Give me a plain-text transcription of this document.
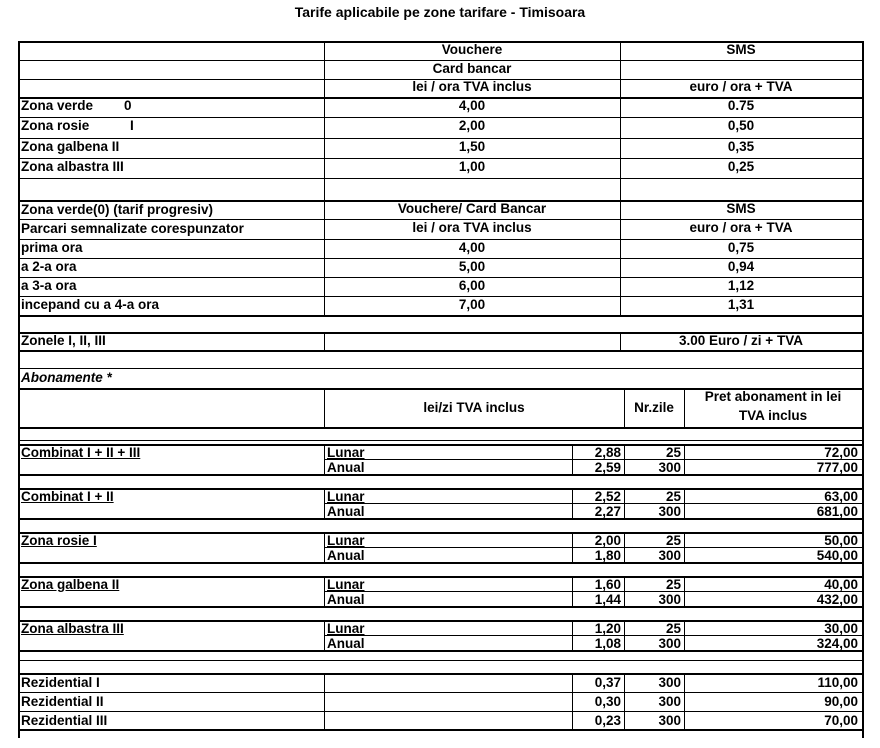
Tarife aplicabile pe zone tarifare - Timisoara
Vouchere	SMS
Card bancar
lei / ora TVA inclus	euro / ora + TVA
Zona verde	0	4,00	0.75
Zona rosie	I	2,00	0,50
Zona galbena II	1,50	0,35
Zona albastra III	1,00	0,25
Zona verde(0) (tarif progresiv)
Parcari semnalizate corespunzator
Vouchere/ Card Bancar	SMS
lei / ora TVA inclus	euro / ora + TVA
prima ora	4,00	0,75
a 2-a ora	5,00	0,94
a 3-a ora	6,00	1,12
incepand cu a 4-a ora	7,00	1,31
Zonele I, II, III	3.00 Euro / zi + TVA
Abonamente *
lei/zi TVA inclus	Nr.zile
Pret abonament in lei
TVA inclus
Combinat I + II + III	Lunar	2,88	25	72,00
Anual	2,59	300	777,00
Combinat I + II	Lunar	2,52	25	63,00
Anual	2,27	300	681,00
Zona rosie I	Lunar	2,00	25	50,00
Anual	1,80	300	540,00
Zona galbena II	Lunar	1,60	25	40,00
Anual	1,44	300	432,00
Zona albastra III	Lunar	1,20	25	30,00
Anual	1,08	300	324,00
Rezidential I	0,37	300	110,00
Rezidential II	0,30	300	90,00
Rezidential III	0,23	300	70,00
